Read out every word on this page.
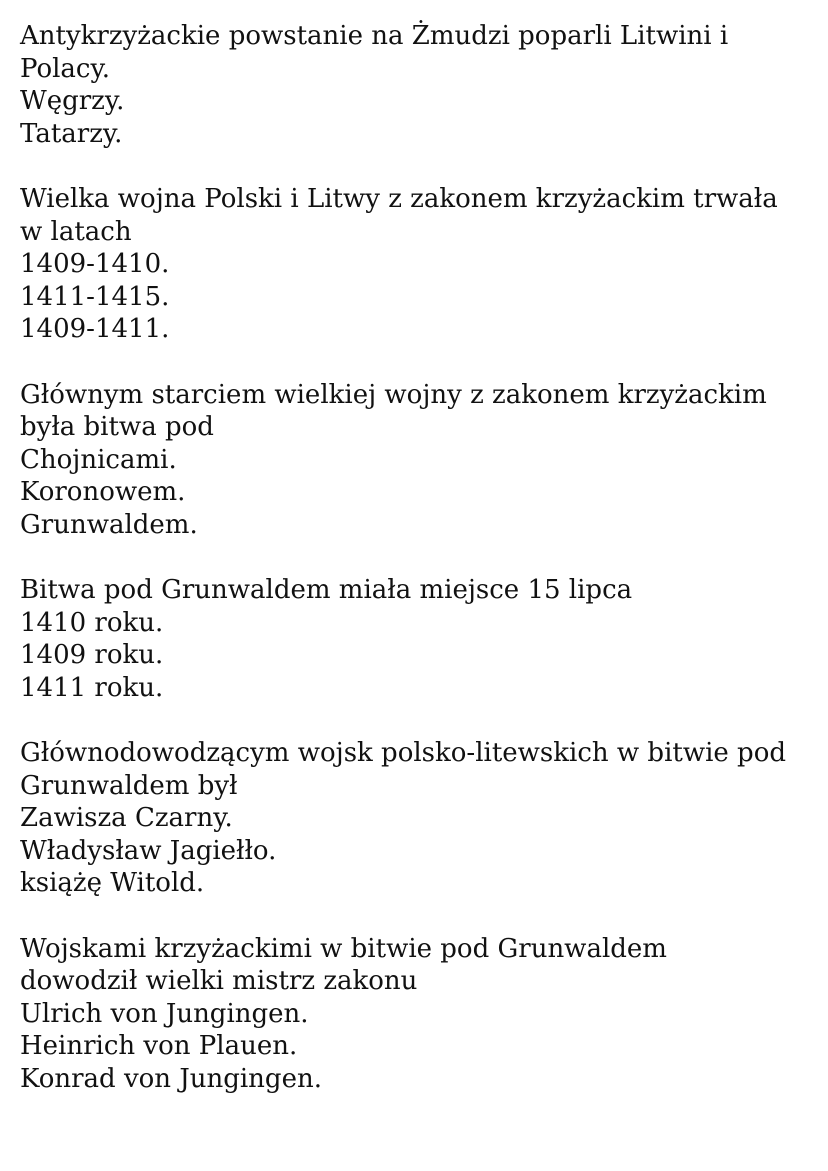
Antykrzyżackie powstanie na Żmudzi poparli Litwini i
Polacy.
Węgrzy.
Tatarzy.
Wielka wojna Polski i Litwy z zakonem krzyżackim trwała
w latach
1409-1410.
1411-1415.
1409-1411.
Głównym starciem wielkiej wojny z zakonem krzyżackim
była bitwa pod
Chojnicami.
Koronowem.
Grunwaldem.
Bitwa pod Grunwaldem miała miejsce 15 lipca
1410 roku.
1409 roku.
1411 roku.
Głównodowodzącym wojsk polsko-litewskich w bitwie pod
Grunwaldem był
Zawisza Czarny.
Władysław Jagiełło.
książę Witold.
Wojskami krzyżackimi w bitwie pod Grunwaldem
dowodził wielki mistrz zakonu
Ulrich von Jungingen.
Heinrich von Plauen.
Konrad von Jungingen.
